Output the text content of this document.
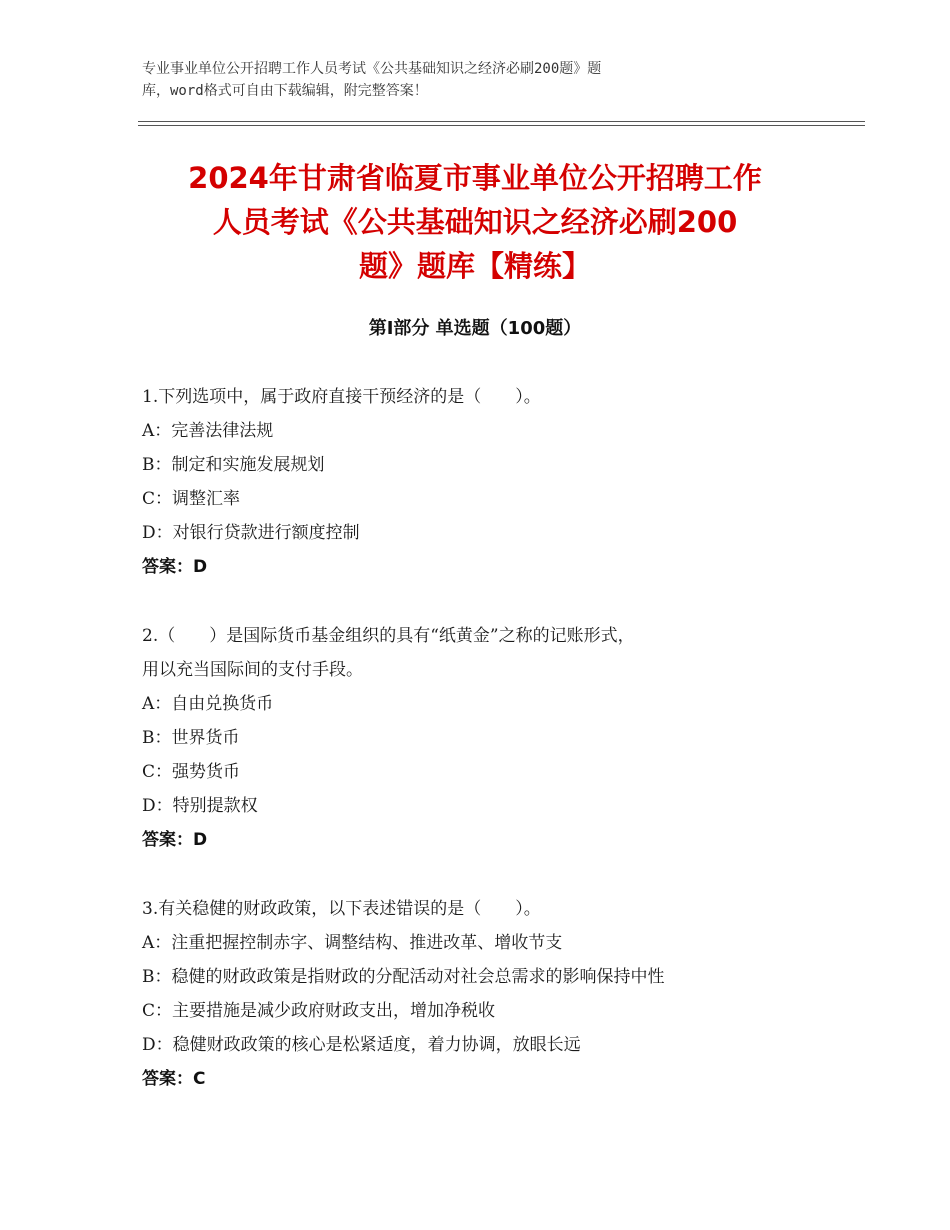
专业事业单位公开招聘工作人员考试《公共基础知识之经济必刷200题》题
库，word格式可自由下载编辑，附完整答案！
2024年甘肃省临夏市事业单位公开招聘工作
人员考试《公共基础知识之经济必刷200
题》题库【精练】
第Ⅰ部分 单选题（100题）

1.下列选项中，属于政府直接干预经济的是（　　）。

A：完善法律法规

B：制定和实施发展规划

C：调整汇率

D：对银行贷款进行额度控制

答案：D

2.（　　）是国际货币基金组织的具有“纸黄金”之称的记账形式，

用以充当国际间的支付手段。

A：自由兑换货币

B：世界货币

C：强势货币

D：特别提款权

答案：D

3.有关稳健的财政政策，以下表述错误的是（　　）。

A：注重把握控制赤字、调整结构、推进改革、增收节支

B：稳健的财政政策是指财政的分配活动对社会总需求的影响保持中性

C：主要措施是减少政府财政支出，增加净税收

D：稳健财政政策的核心是松紧适度，着力协调，放眼长远

答案：C
